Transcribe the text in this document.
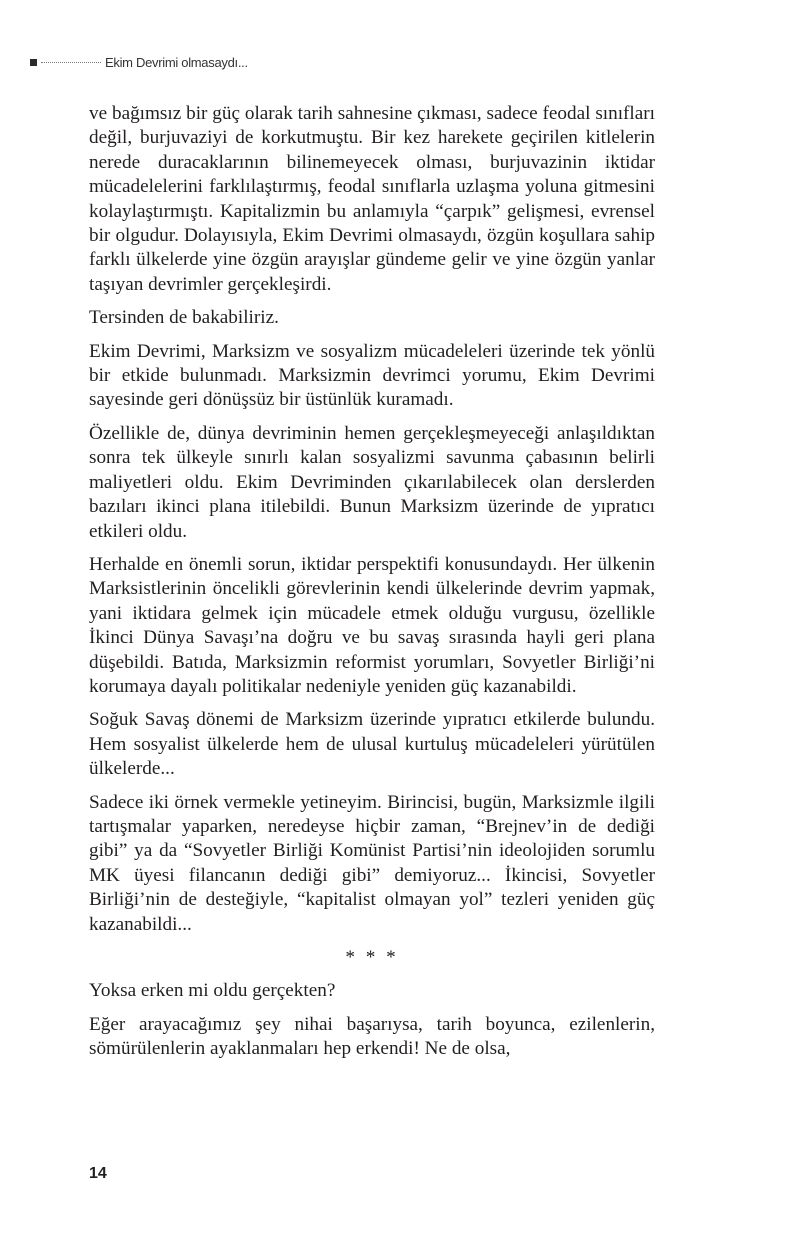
Ekim Devrimi olmasaydı...

ve bağımsız bir güç olarak tarih sahnesine çıkması, sadece feodal sınıfları değil, burjuvaziyi de korkutmuştu. Bir kez harekete geçirilen kitlelerin nerede duracaklarının bilinemeyecek olması, burjuvazinin iktidar mücadelelerini farklılaştırmış, feodal sınıflarla uzlaşma yoluna gitmesini kolaylaştırmıştı. Kapitalizmin bu anlamıyla “çarpık” gelişmesi, evrensel bir olgudur. Dolayısıyla, Ekim Devrimi olmasaydı, özgün koşullara sahip farklı ülkelerde yine özgün arayışlar gündeme gelir ve yine özgün yanlar taşıyan devrimler gerçekleşirdi.

Tersinden de bakabiliriz.

Ekim Devrimi, Marksizm ve sosyalizm mücadeleleri üzerinde tek yönlü bir etkide bulunmadı. Marksizmin devrimci yorumu, Ekim Devrimi sayesinde geri dönüşsüz bir üstünlük kuramadı.

Özellikle de, dünya devriminin hemen gerçekleşmeyeceği anlaşıldıktan sonra tek ülkeyle sınırlı kalan sosyalizmi savunma çabasının belirli maliyetleri oldu. Ekim Devriminden çıkarılabilecek olan derslerden bazıları ikinci plana itilebildi. Bunun Marksizm üzerinde de yıpratıcı etkileri oldu.

Herhalde en önemli sorun, iktidar perspektifi konusundaydı. Her ülkenin Marksistlerinin öncelikli görevlerinin kendi ülkelerinde devrim yapmak, yani iktidara gelmek için mücadele etmek olduğu vurgusu, özellikle İkinci Dünya Savaşı’na doğru ve bu savaş sırasında hayli geri plana düşebildi. Batıda, Marksizmin reformist yorumları, Sovyetler Birliği’ni korumaya dayalı politikalar nedeniyle yeniden güç kazanabildi.

Soğuk Savaş dönemi de Marksizm üzerinde yıpratıcı etkilerde bulundu. Hem sosyalist ülkelerde hem de ulusal kurtuluş mücadeleleri yürütülen ülkelerde...

Sadece iki örnek vermekle yetineyim. Birincisi, bugün, Marksizmle ilgili tartışmalar yaparken, neredeyse hiçbir zaman, “Brejnev’in de dediği gibi” ya da “Sovyetler Birliği Komünist Partisi’nin ideolojiden sorumlu MK üyesi filancanın dediği gibi” demiyoruz... İkincisi, Sovyetler Birliği’nin de desteğiyle, “kapitalist olmayan yol” tezleri yeniden güç kazanabildi...

* * *

Yoksa erken mi oldu gerçekten?

Eğer arayacağımız şey nihai başarıysa, tarih boyunca, ezilenlerin, sömürülenlerin ayaklanmaları hep erkendi! Ne de olsa,

14
